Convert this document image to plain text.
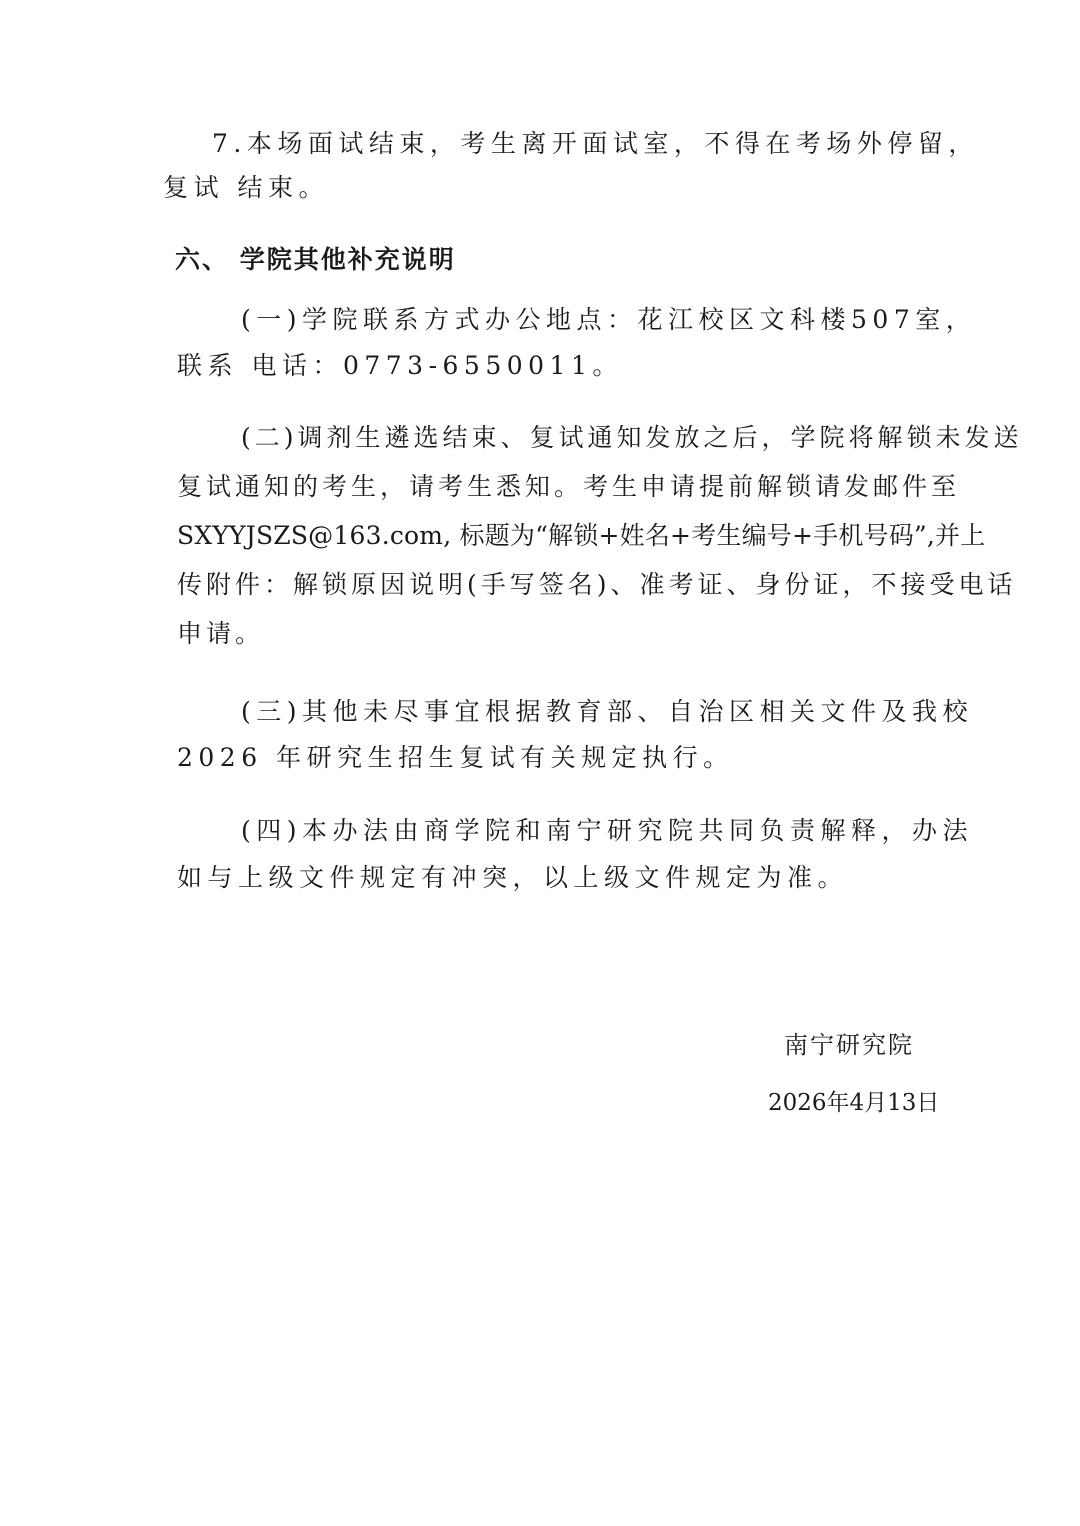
7.本场面试结束，考生离开面试室，不得在考场外停留，
复试 结束。
六、 学院其他补充说明
(一)学院联系方式办公地点：花江校区文科楼507室，
联系 电话：0773-6550011。
(二)调剂生遴选结束、复试通知发放之后，学院将解锁未发送
复试通知的考生，请考生悉知。考生申请提前解锁请发邮件至
SXYYJSZS@163.com, 标题为“解锁+姓名+考生编号+手机号码”,并上
传附件：解锁原因说明(手写签名)、准考证、身份证，不接受电话
申请。
(三)其他未尽事宜根据教育部、自治区相关文件及我校
2026 年研究生招生复试有关规定执行。
(四)本办法由商学院和南宁研究院共同负责解释，办法
如与上级文件规定有冲突，以上级文件规定为准。
南宁研究院
2026年4月13日
